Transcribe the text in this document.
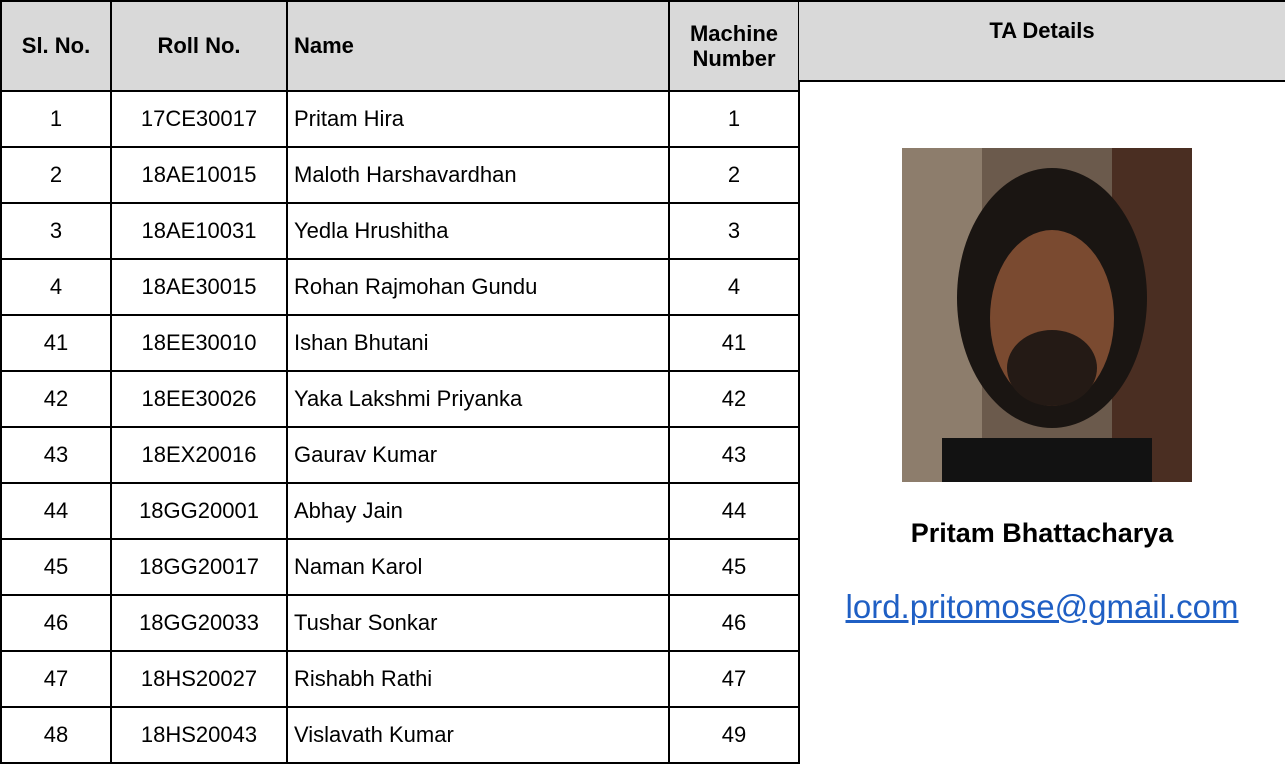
Sl. No.	Roll No.	Name	Machine
Number
1	17CE30017	Pritam Hira	1
2	18AE10015	Maloth Harshavardhan	2
3	18AE10031	Yedla Hrushitha	3
4	18AE30015	Rohan Rajmohan Gundu	4
41	18EE30010	Ishan Bhutani	41
42	18EE30026	Yaka Lakshmi Priyanka	42
43	18EX20016	Gaurav Kumar	43
44	18GG20001	Abhay Jain	44
45	18GG20017	Naman Karol	45
46	18GG20033	Tushar Sonkar	46
47	18HS20027	Rishabh Rathi	47
48	18HS20043	Vislavath Kumar	49
TA Details
Pritam Bhattacharya
lord.pritomose@gmail.com
